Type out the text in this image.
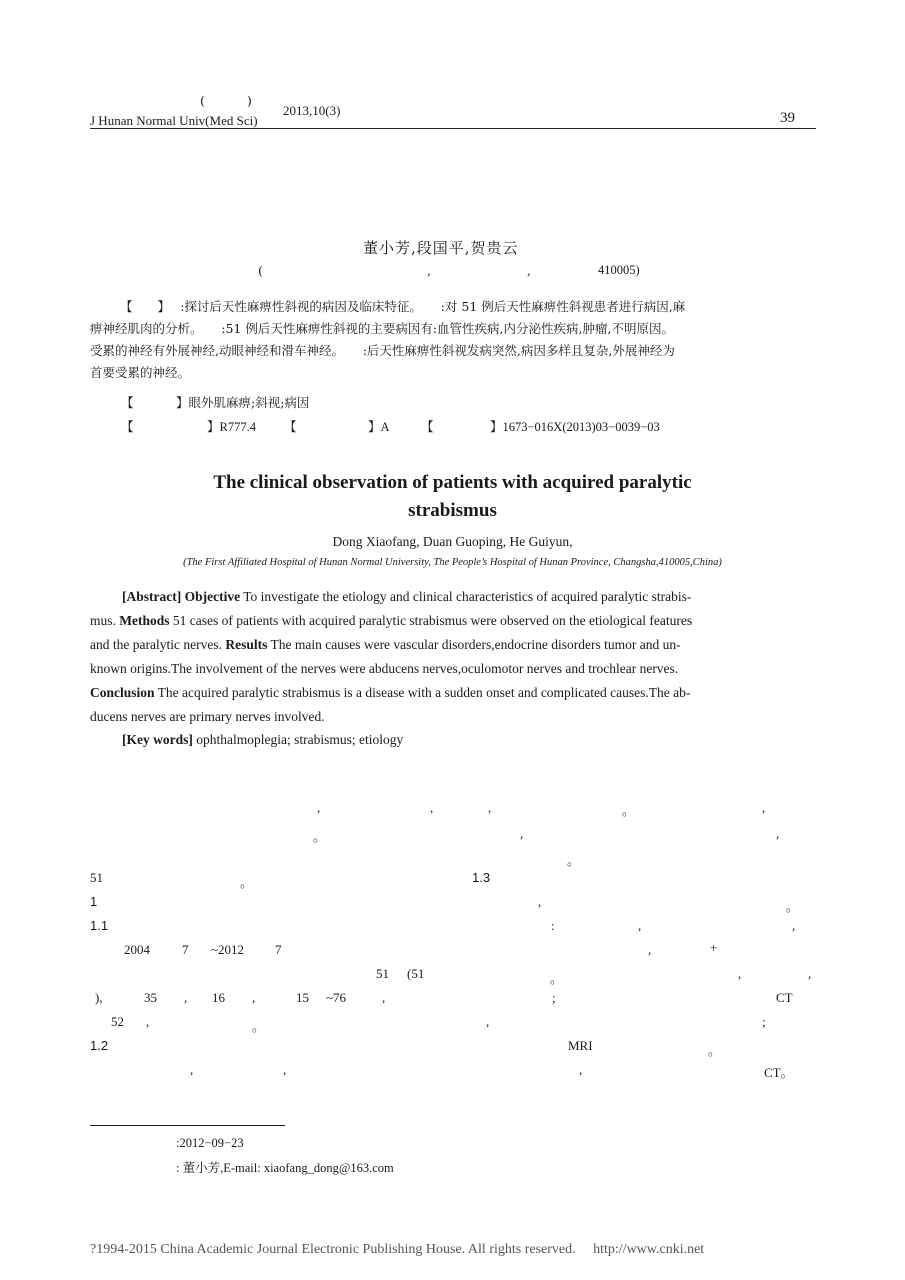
(	)
J Hunan Normal Univ(Med Sci)
2013,10(3)	39
董小芳,段国平,贺贵云
(	,	,	410005)
【　　】　 :探讨后天性麻痹性斜视的病因及临床特征。　　:对 51 例后天性麻痹性斜视患者进行病因,麻
痹神经肌肉的分析。　　:51 例后天性麻痹性斜视的主要病因有:血管性疾病,内分泌性疾病,肿瘤,不明原因。
受累的神经有外展神经,动眼神经和滑车神经。　　:后天性麻痹性斜视发病突然,病因多样且复杂,外展神经为
首要受累的神经。
【	】眼外肌麻痹;斜视;病因
【	】R777.4 【	】A	【	】1673−016X(2013)03−0039−03
The clinical observation of patients with acquired paralytic
strabismus
Dong Xiaofang, Duan Guoping, He Guiyun,
(The First Affiliated Hospital of Hunan Normal University, The People’s Hospital of Hunan Province, Changsha,410005,China)
[Abstract] Objective To investigate the etiology and clinical characteristics of acquired paralytic strabis-
mus. Methods 51 cases of patients with acquired paralytic strabismus were observed on the etiological features
and the paralytic nerves. Results The main causes were vascular disorders,endocrine disorders tumor and un-
known origins.The involvement of the nerves were abducens nerves,oculomotor nerves and trochlear nerves.
Conclusion The acquired paralytic strabismus is a disease with a sudden onset and complicated causes.The ab-
ducens nerves are primary nerves involved.
[Key words] ophthalmoplegia; strabismus; etiology
,	,	,	。	,
。	,	,
。
51	。	1.3
1	,	。
1.1	:	,	,
2004 7 ~2012 7	,	+
51 (51	。	,	,
),	35 , 16 ,	15 ~76	,	;	CT
52 ,	。	,	;
1.2	MRI	。
,	,	,	CT。
:2012−09−23
: 董小芳,E-mail: xiaofang_dong@163.com
?1994-2015 China Academic Journal Electronic Publishing House. All rights reserved.　 http://www.cnki.net
